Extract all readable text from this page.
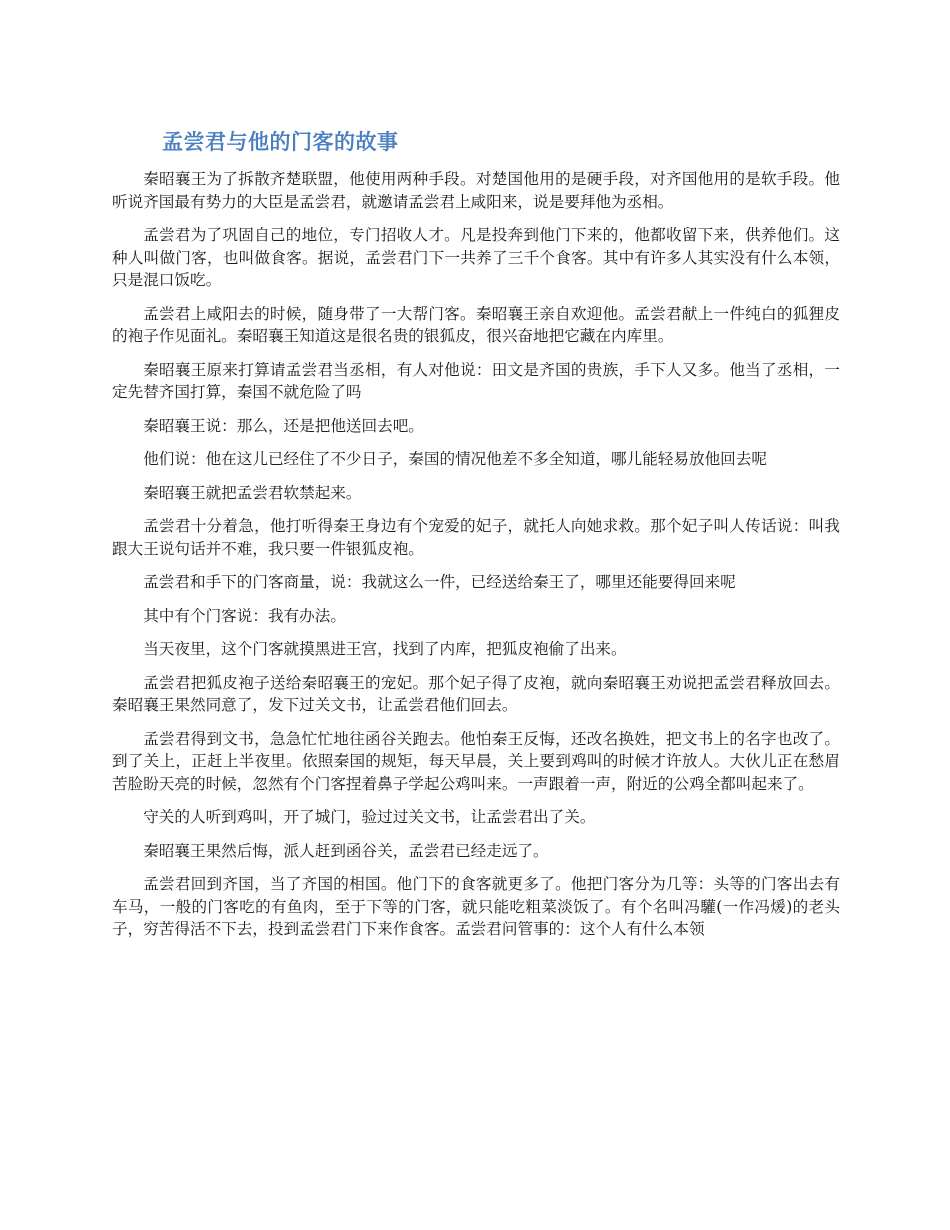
孟尝君与他的门客的故事

秦昭襄王为了拆散齐楚联盟，他使用两种手段。对楚国他用的是硬手段，对齐国他用的是软手段。他听说齐国最有势力的大臣是孟尝君，就邀请孟尝君上咸阳来，说是要拜他为丞相。

孟尝君为了巩固自己的地位，专门招收人才。凡是投奔到他门下来的，他都收留下来，供养他们。这种人叫做门客，也叫做食客。据说，孟尝君门下一共养了三千个食客。其中有许多人其实没有什么本领，只是混口饭吃。

孟尝君上咸阳去的时候，随身带了一大帮门客。秦昭襄王亲自欢迎他。孟尝君献上一件纯白的狐狸皮的袍子作见面礼。秦昭襄王知道这是很名贵的银狐皮，很兴奋地把它藏在内库里。

秦昭襄王原来打算请孟尝君当丞相，有人对他说：田文是齐国的贵族，手下人又多。他当了丞相，一定先替齐国打算，秦国不就危险了吗

秦昭襄王说：那么，还是把他送回去吧。

他们说：他在这儿已经住了不少日子，秦国的情况他差不多全知道，哪儿能轻易放他回去呢

秦昭襄王就把孟尝君软禁起来。

孟尝君十分着急，他打听得秦王身边有个宠爱的妃子，就托人向她求救。那个妃子叫人传话说：叫我跟大王说句话并不难，我只要一件银狐皮袍。

孟尝君和手下的门客商量，说：我就这么一件，已经送给秦王了，哪里还能要得回来呢

其中有个门客说：我有办法。

当天夜里，这个门客就摸黑进王宫，找到了内库，把狐皮袍偷了出来。

孟尝君把狐皮袍子送给秦昭襄王的宠妃。那个妃子得了皮袍，就向秦昭襄王劝说把孟尝君释放回去。秦昭襄王果然同意了，发下过关文书，让孟尝君他们回去。

孟尝君得到文书，急急忙忙地往函谷关跑去。他怕秦王反悔，还改名换姓，把文书上的名字也改了。到了关上，正赶上半夜里。依照秦国的规矩，每天早晨，关上要到鸡叫的时候才许放人。大伙儿正在愁眉苦脸盼天亮的时候，忽然有个门客捏着鼻子学起公鸡叫来。一声跟着一声，附近的公鸡全都叫起来了。

守关的人听到鸡叫，开了城门，验过过关文书，让孟尝君出了关。

秦昭襄王果然后悔，派人赶到函谷关，孟尝君已经走远了。

孟尝君回到齐国，当了齐国的相国。他门下的食客就更多了。他把门客分为几等：头等的门客出去有车马，一般的门客吃的有鱼肉，至于下等的门客，就只能吃粗菜淡饭了。有个名叫冯驩(一作冯煖)的老头子，穷苦得活不下去，投到孟尝君门下来作食客。孟尝君问管事的：这个人有什么本领
